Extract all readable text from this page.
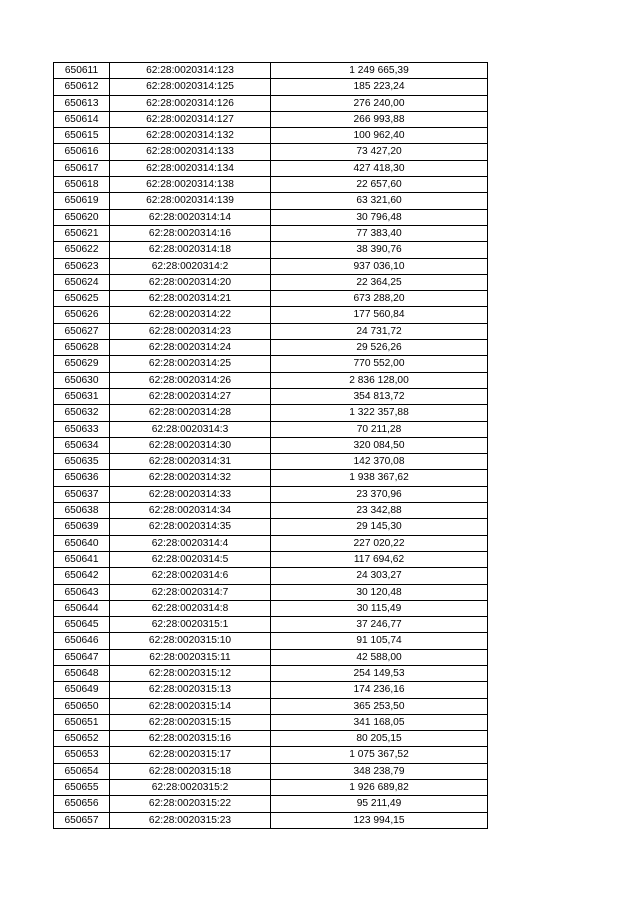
650611	62:28:0020314:123	1 249 665,39
650612	62:28:0020314:125	185 223,24
650613	62:28:0020314:126	276 240,00
650614	62:28:0020314:127	266 993,88
650615	62:28:0020314:132	100 962,40
650616	62:28:0020314:133	73 427,20
650617	62:28:0020314:134	427 418,30
650618	62:28:0020314:138	22 657,60
650619	62:28:0020314:139	63 321,60
650620	62:28:0020314:14	30 796,48
650621	62:28:0020314:16	77 383,40
650622	62:28:0020314:18	38 390,76
650623	62:28:0020314:2	937 036,10
650624	62:28:0020314:20	22 364,25
650625	62:28:0020314:21	673 288,20
650626	62:28:0020314:22	177 560,84
650627	62:28:0020314:23	24 731,72
650628	62:28:0020314:24	29 526,26
650629	62:28:0020314:25	770 552,00
650630	62:28:0020314:26	2 836 128,00
650631	62:28:0020314:27	354 813,72
650632	62:28:0020314:28	1 322 357,88
650633	62:28:0020314:3	70 211,28
650634	62:28:0020314:30	320 084,50
650635	62:28:0020314:31	142 370,08
650636	62:28:0020314:32	1 938 367,62
650637	62:28:0020314:33	23 370,96
650638	62:28:0020314:34	23 342,88
650639	62:28:0020314:35	29 145,30
650640	62:28:0020314:4	227 020,22
650641	62:28:0020314:5	117 694,62
650642	62:28:0020314:6	24 303,27
650643	62:28:0020314:7	30 120,48
650644	62:28:0020314:8	30 115,49
650645	62:28:0020315:1	37 246,77
650646	62:28:0020315:10	91 105,74
650647	62:28:0020315:11	42 588,00
650648	62:28:0020315:12	254 149,53
650649	62:28:0020315:13	174 236,16
650650	62:28:0020315:14	365 253,50
650651	62:28:0020315:15	341 168,05
650652	62:28:0020315:16	80 205,15
650653	62:28:0020315:17	1 075 367,52
650654	62:28:0020315:18	348 238,79
650655	62:28:0020315:2	1 926 689,82
650656	62:28:0020315:22	95 211,49
650657	62:28:0020315:23	123 994,15
